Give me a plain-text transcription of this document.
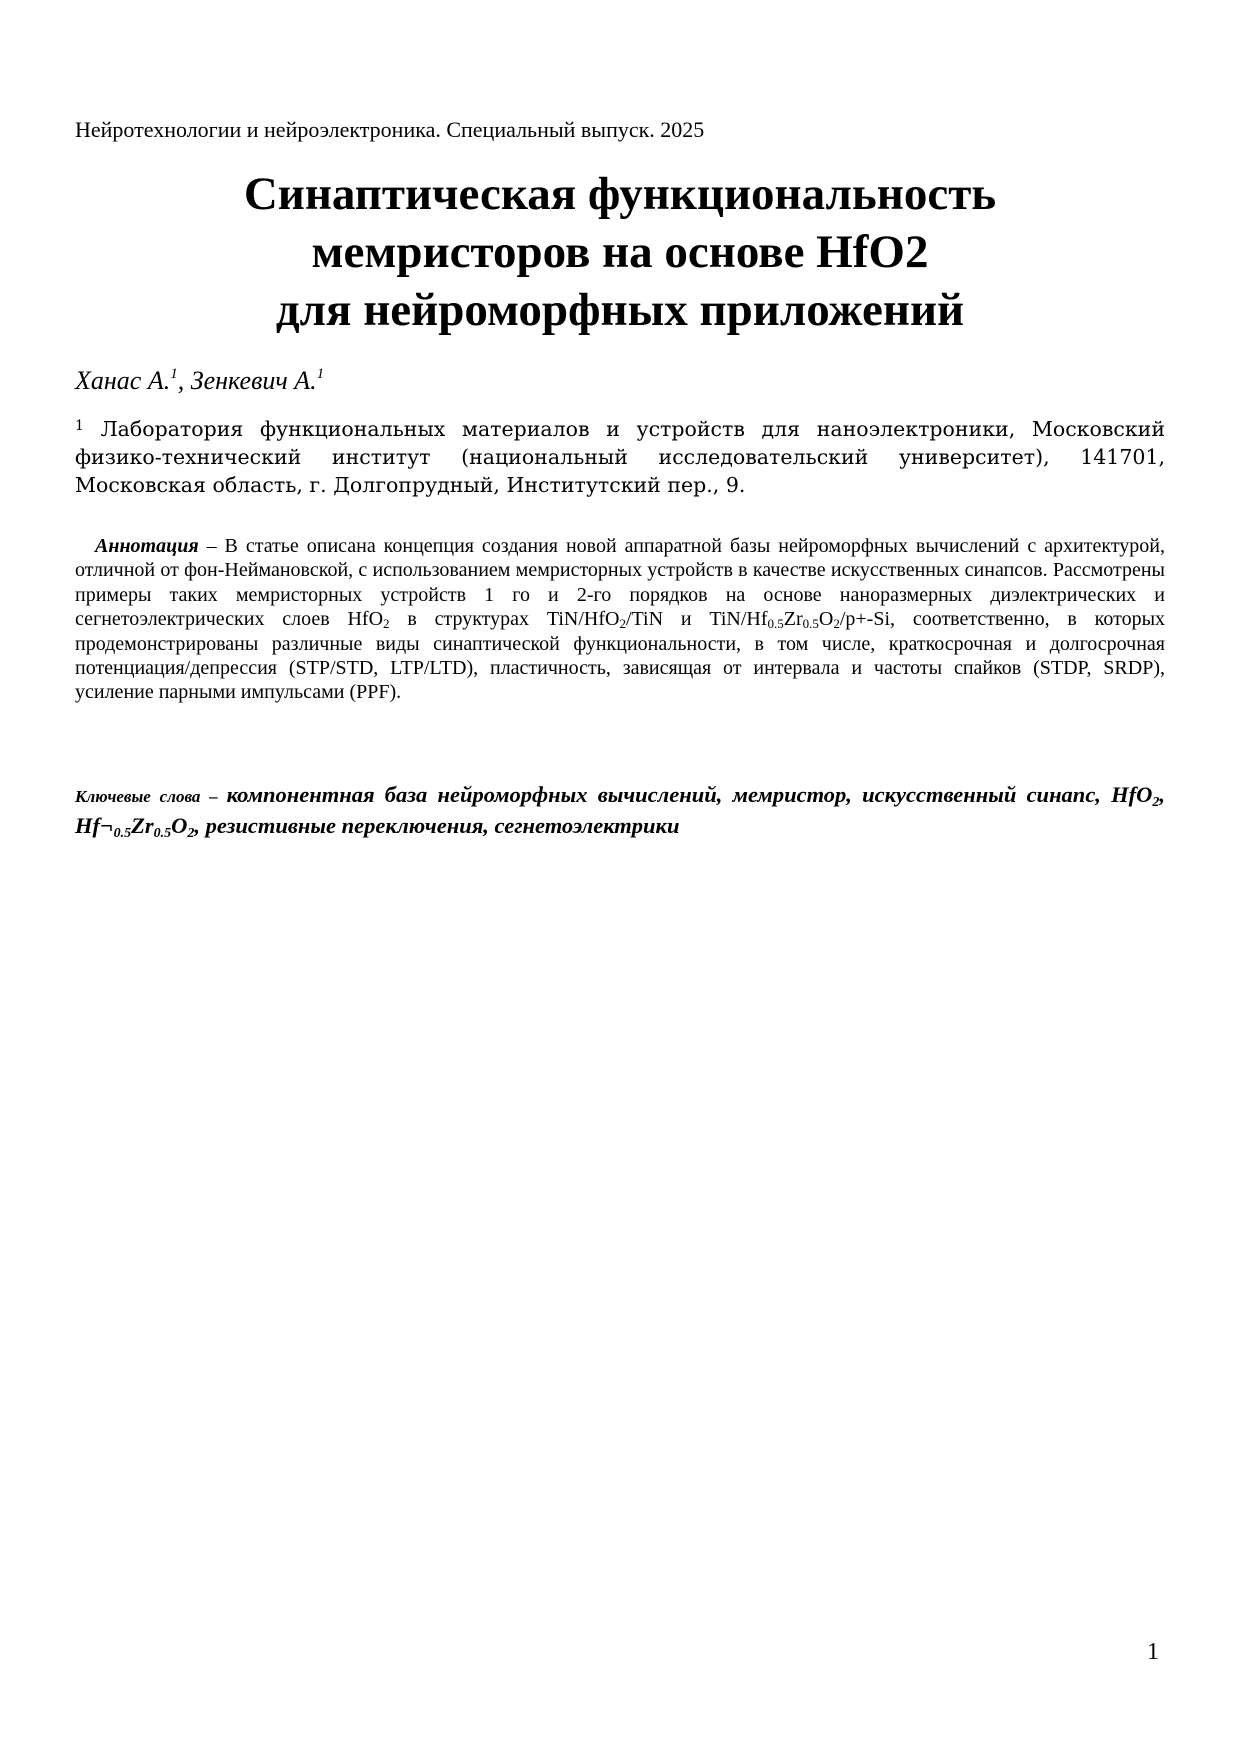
Нейротехнологии и нейроэлектроника. Специальный выпуск. 2025
Синаптическая функциональность
мемристоров на основе HfO2
для нейроморфных приложений
Ханас А.$^1$, Зенкевич А.$^1$
$^1$ Лаборатория функциональных материалов и устройств для наноэлектроники, Московский физико-технический институт (национальный исследовательский университет), 141701, Московская область, г. Долгопрудный, Институтский пер., 9.
Аннотация – В статье описана концепция создания новой аппаратной базы нейроморфных вычислений с архитектурой, отличной от фон-Неймановской, с использованием мемристорных устройств в качестве искусственных синапсов. Рассмотрены примеры таких мемристорных устройств 1 го и 2-го порядков на основе наноразмерных диэлектрических и сегнетоэлектрических слоев HfO$_2$ в структурах TiN/HfO$_2$/TiN и TiN/$Hf_{0.5}Zr_{0.5}O_2/p+-Si$, соответственно, в которых продемонстрированы различные виды синаптической функциональности, в том числе, краткосрочная и долгосрочная потенциация/депрессия (STP/STD, LTP/LTD), пластичность, зависящая от интервала и частоты спайков (STDP, SRDP), усиление парными импульсами (PPF).
Ключевые слова – компонентная база нейроморфных вычислений, мемристор, искусственный синапс, HfO$_2$, $Hf\neg_{0.5}Zr_{0.5}O_2$, резистивные переключения, сегнетоэлектрики
1
